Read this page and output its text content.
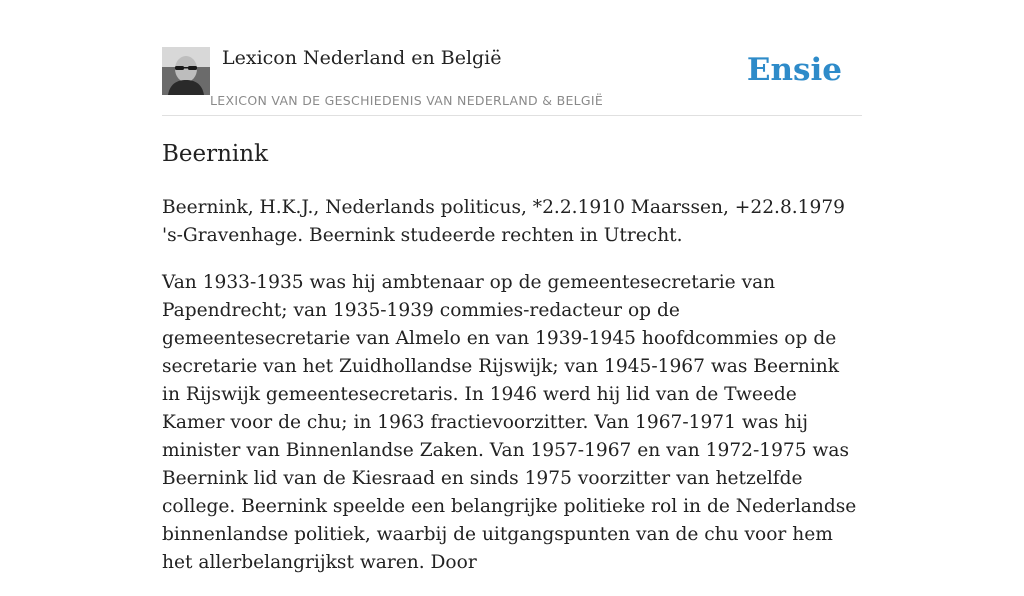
Lexicon Nederland en België
LEXICON VAN DE GESCHIEDENIS VAN NEDERLAND & BELGIË
Ensie
Beernink

Beernink, H.K.J., Nederlands politicus, *2.2.1910 Maarssen, +22.8.1979 's-Gravenhage. Beernink studeerde rechten in Utrecht.

Van 1933-1935 was hij ambtenaar op de gemeentesecretarie van Papendrecht; van 1935-1939 commies-redacteur op de gemeentesecretarie van Almelo en van 1939-1945 hoofdcommies op de secretarie van het Zuidhollandse Rijswijk; van 1945-1967 was Beernink in Rijswijk gemeentesecretaris. In 1946 werd hij lid van de Tweede Kamer voor de chu; in 1963 fractievoorzitter. Van 1967-1971 was hij minister van Binnenlandse Zaken. Van 1957-1967 en van 1972-1975 was Beernink lid van de Kiesraad en sinds 1975 voorzitter van hetzelfde college. Beernink speelde een belangrijke politieke rol in de Nederlandse binnenlandse politiek, waarbij de uitgangspunten van de chu voor hem het allerbelangrijkst waren. Door
